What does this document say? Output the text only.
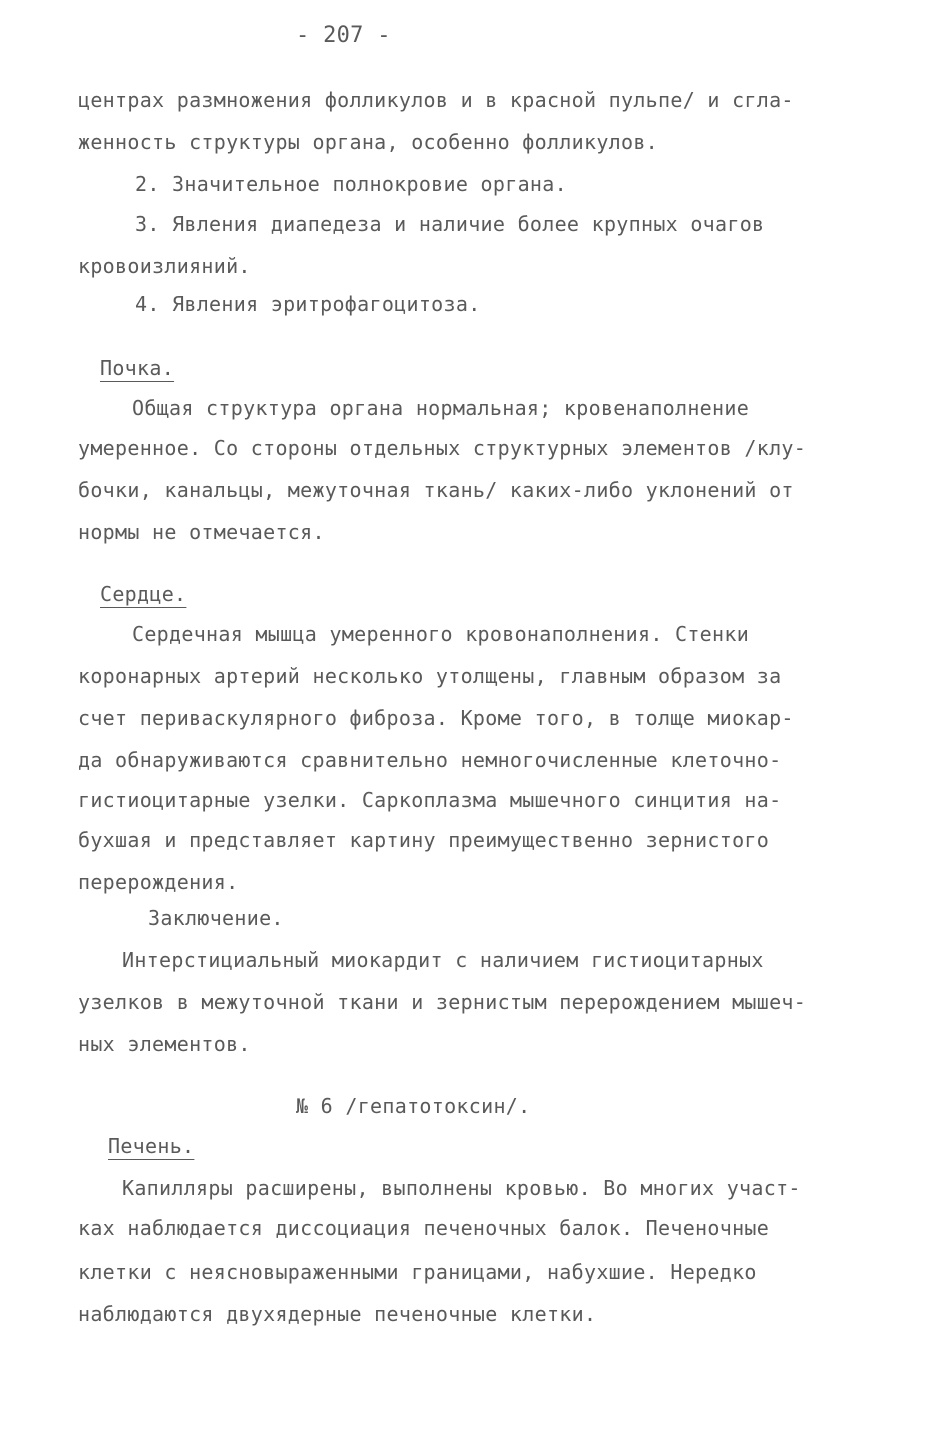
- 207 -
центрах размножения фолликулов и в красной пульпе/ и сгла-
женность структуры органа, особенно фолликулов.
2. Значительное полнокровие органа.
3. Явления диапедеза и наличие более крупных очагов
кровоизлияний.
4. Явления эритрофагоцитоза.
Почка.
Общая структура органа нормальная; кровенаполнение
умеренное. Со стороны отдельных структурных элементов /клу-
бочки, канальцы, межуточная ткань/ каких-либо уклонений от
нормы не отмечается.
Сердце.
Сердечная мышца умеренного кровонаполнения. Стенки
коронарных артерий несколько утолщены, главным образом за
счет периваскулярного фиброза. Кроме того, в толще миокар-
да обнаруживаются сравнительно немногочисленные клеточно-
гистиоцитарные узелки. Саркоплазма мышечного синцития на-
бухшая и представляет картину преимущественно зернистого
перерождения.
Заключение.
Интерстициальный миокардит с наличием гистиоцитарных
узелков в межуточной ткани и зернистым перерождением мышеч-
ных элементов.
№ 6 /гепатотоксин/.
Печень.
Капилляры расширены, выполнены кровью. Во многих участ-
ках наблюдается диссоциация печеночных балок. Печеночные
клетки с неясновыраженными границами, набухшие. Нередко
наблюдаются двухядерные печеночные клетки.
